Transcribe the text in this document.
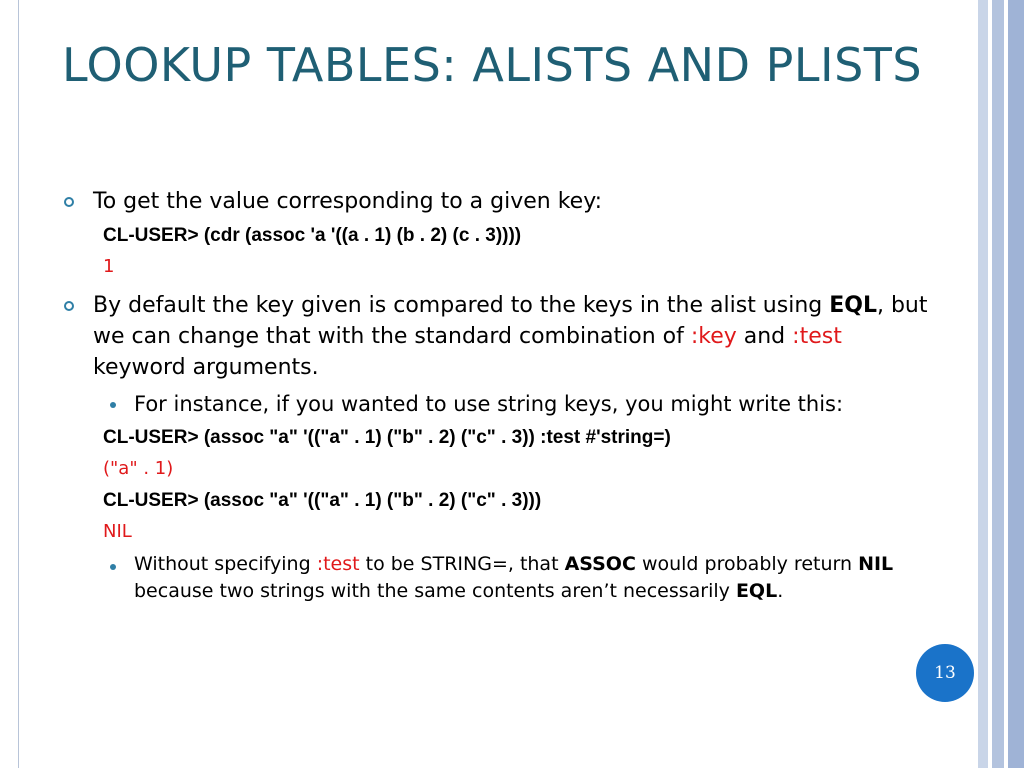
LOOKUP TABLES: ALISTS AND PLISTS
To get the value corresponding to a given key:
CL-USER> (cdr (assoc 'a '((a . 1) (b . 2) (c . 3))))
1
By default the key given is compared to the keys in the alist using EQL, but we can change that with the standard combination of :key and :test keyword arguments.
For instance, if you wanted to use string keys, you might write this:
CL-USER> (assoc "a" '(("a" . 1) ("b" . 2) ("c" . 3)) :test #'string=)
("a" . 1)
CL-USER> (assoc "a" '(("a" . 1) ("b" . 2) ("c" . 3)))
NIL
Without specifying :test to be STRING=, that ASSOC would probably return NIL because two strings with the same contents aren’t necessarily EQL.
13
